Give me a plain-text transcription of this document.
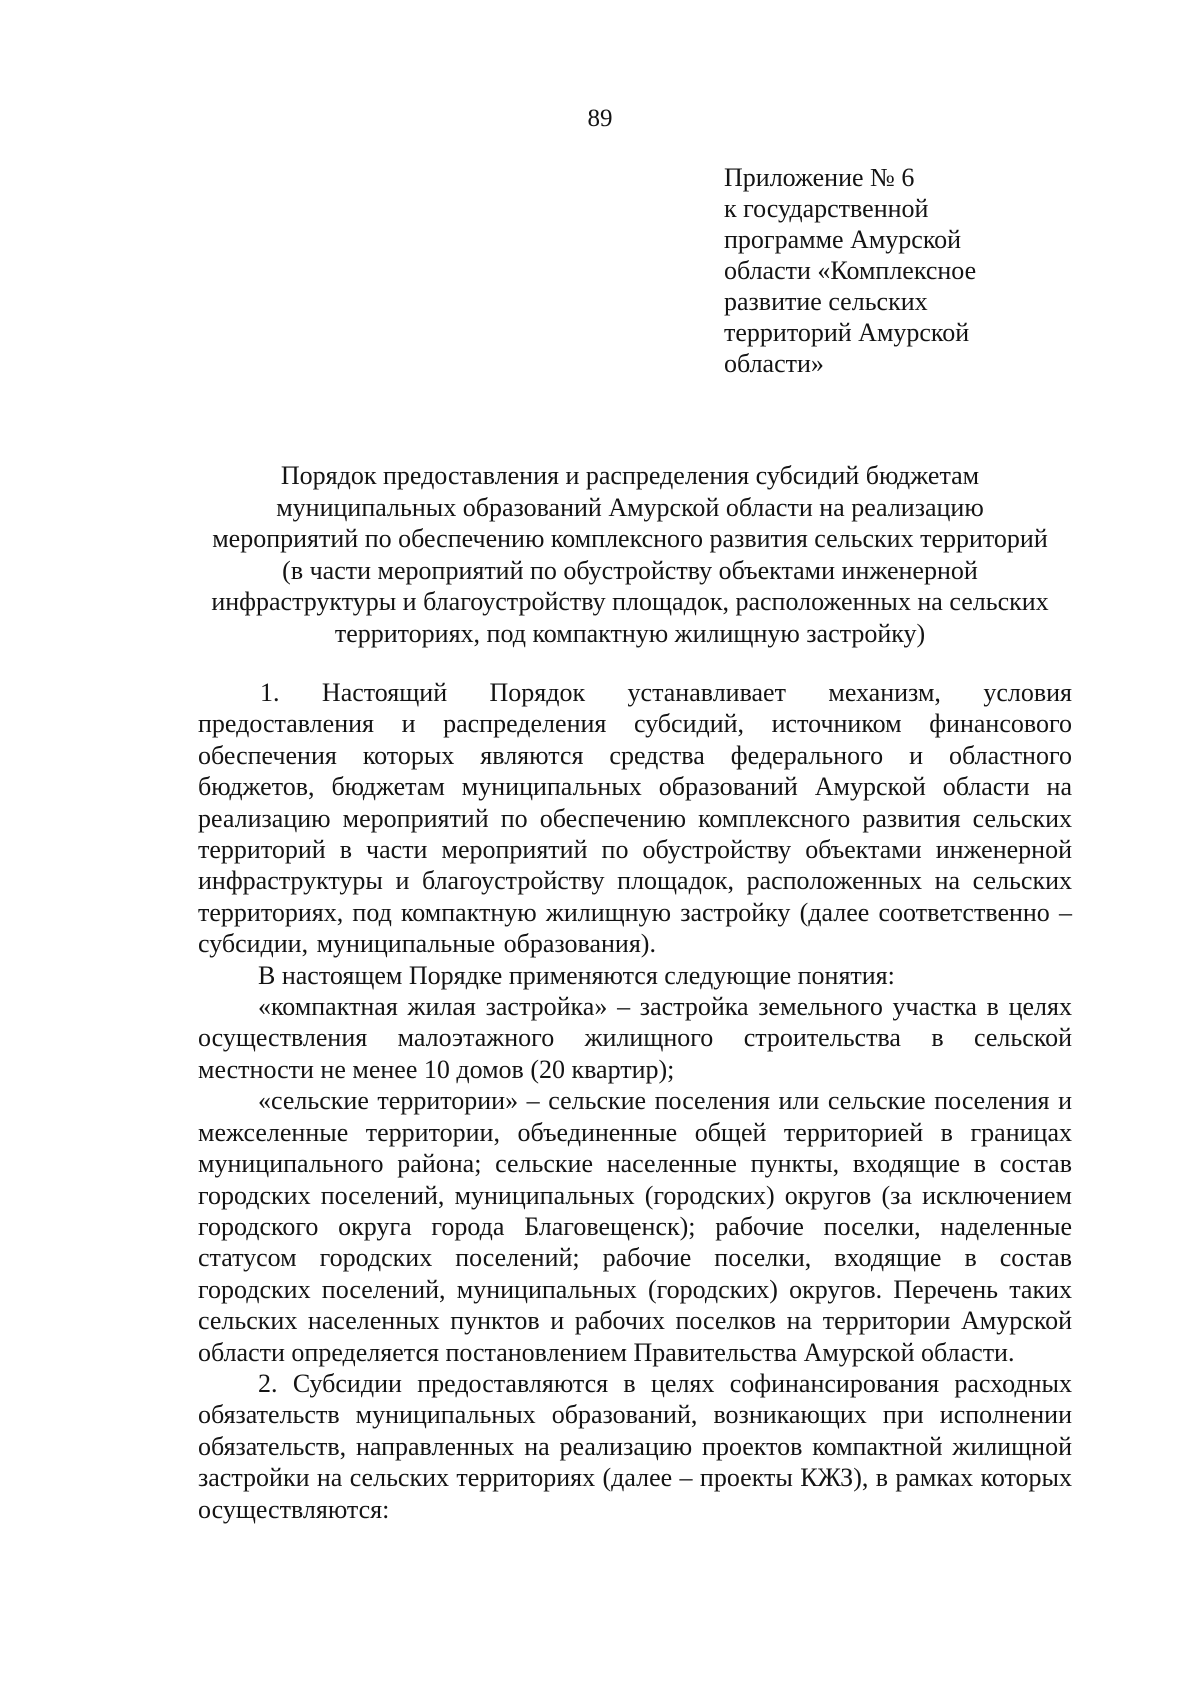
89
Приложение № 6
к государственной
программе Амурской
области «Комплексное
развитие сельских
территорий Амурской
области»
Порядок предоставления и распределения субсидий бюджетам
муниципальных образований Амурской области на реализацию
мероприятий по обеспечению комплексного развития сельских территорий
(в части мероприятий по обустройству объектами инженерной
инфраструктуры и благоустройству площадок, расположенных на сельских
территориях, под компактную жилищную застройку)

1. Настоящий Порядок устанавливает механизм, условия предоставления и распределения субсидий, источником финансового обеспечения которых являются средства федерального и областного бюджетов, бюджетам муниципальных образований Амурской области на реализацию мероприятий по обеспечению комплексного развития сельских территорий в части мероприятий по обустройству объектами инженерной инфраструктуры и благоустройству площадок, расположенных на сельских территориях, под компактную жилищную застройку (далее соответственно – субсидии, муниципальные образования).

В настоящем Порядке применяются следующие понятия:

«компактная жилая застройка» – застройка земельного участка в целях осуществления малоэтажного жилищного строительства в сельской местности не менее 10 домов (20 квартир);

«сельские территории» – сельские поселения или сельские поселения и межселенные территории, объединенные общей территорией в границах муниципального района; сельские населенные пункты, входящие в состав городских поселений, муниципальных (городских) округов (за исключением городского округа города Благовещенск); рабочие поселки, наделенные статусом городских поселений; рабочие поселки, входящие в состав городских поселений, муниципальных (городских) округов. Перечень таких сельских населенных пунктов и рабочих поселков на территории Амурской области определяется постановлением Правительства Амурской области.

2. Субсидии предоставляются в целях софинансирования расходных обязательств муниципальных образований, возникающих при исполнении обязательств, направленных на реализацию проектов компактной жилищной застройки на сельских территориях (далее – проекты КЖЗ), в рамках которых осуществляются:
